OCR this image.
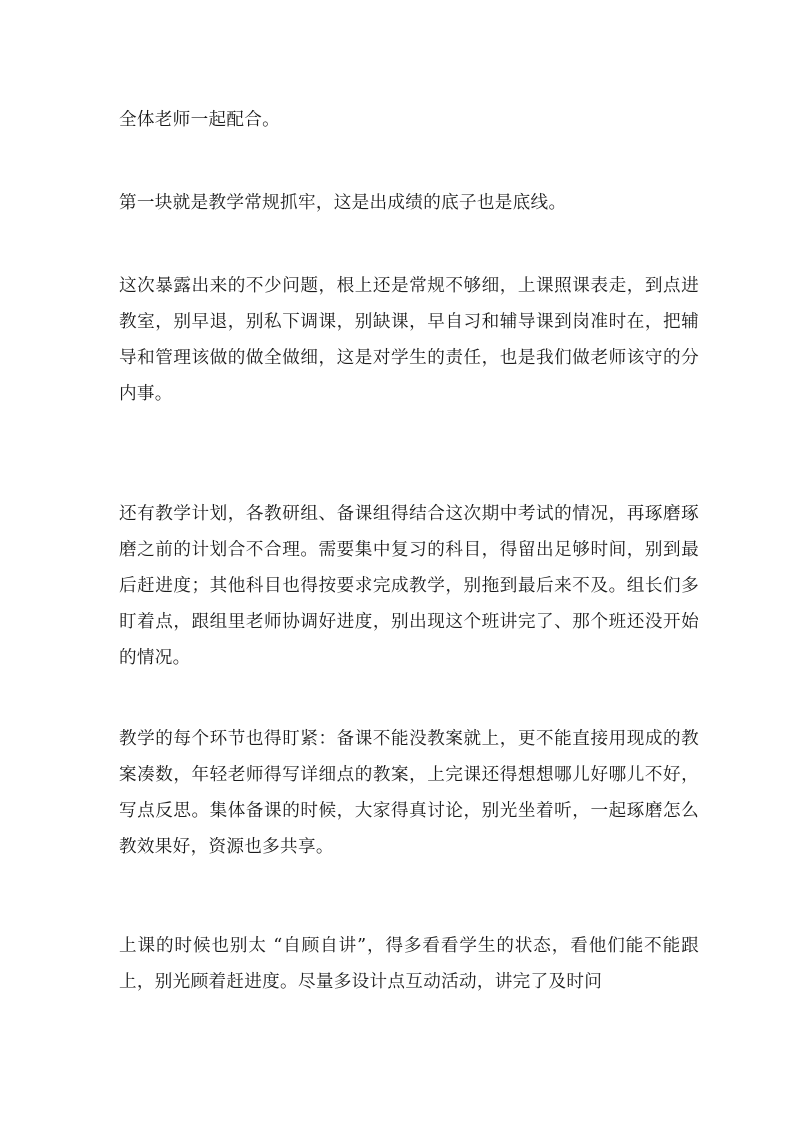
全体老师一起配合。

第一块就是教学常规抓牢，这是出成绩的底子也是底线。

这次暴露出来的不少问题，根上还是常规不够细，上课照课表走，到点进教室，别早退，别私下调课，别缺课，早自习和辅导课到岗准时在，把辅导和管理该做的做全做细，这是对学生的责任，也是我们做老师该守的分内事。

还有教学计划，各教研组、备课组得结合这次期中考试的情况，再琢磨琢磨之前的计划合不合理。需要集中复习的科目，得留出足够时间，别到最后赶进度；其他科目也得按要求完成教学，别拖到最后来不及。组长们多盯着点，跟组里老师协调好进度，别出现这个班讲完了、那个班还没开始的情况。

教学的每个环节也得盯紧：备课不能没教案就上，更不能直接用现成的教案凑数，年轻老师得写详细点的教案，上完课还得想想哪儿好哪儿不好，写点反思。集体备课的时候，大家得真讨论，别光坐着听，一起琢磨怎么教效果好，资源也多共享。

上课的时候也别太 “自顾自讲”，得多看看学生的状态，看他们能不能跟上，别光顾着赶进度。尽量多设计点互动活动，讲完了及时问
